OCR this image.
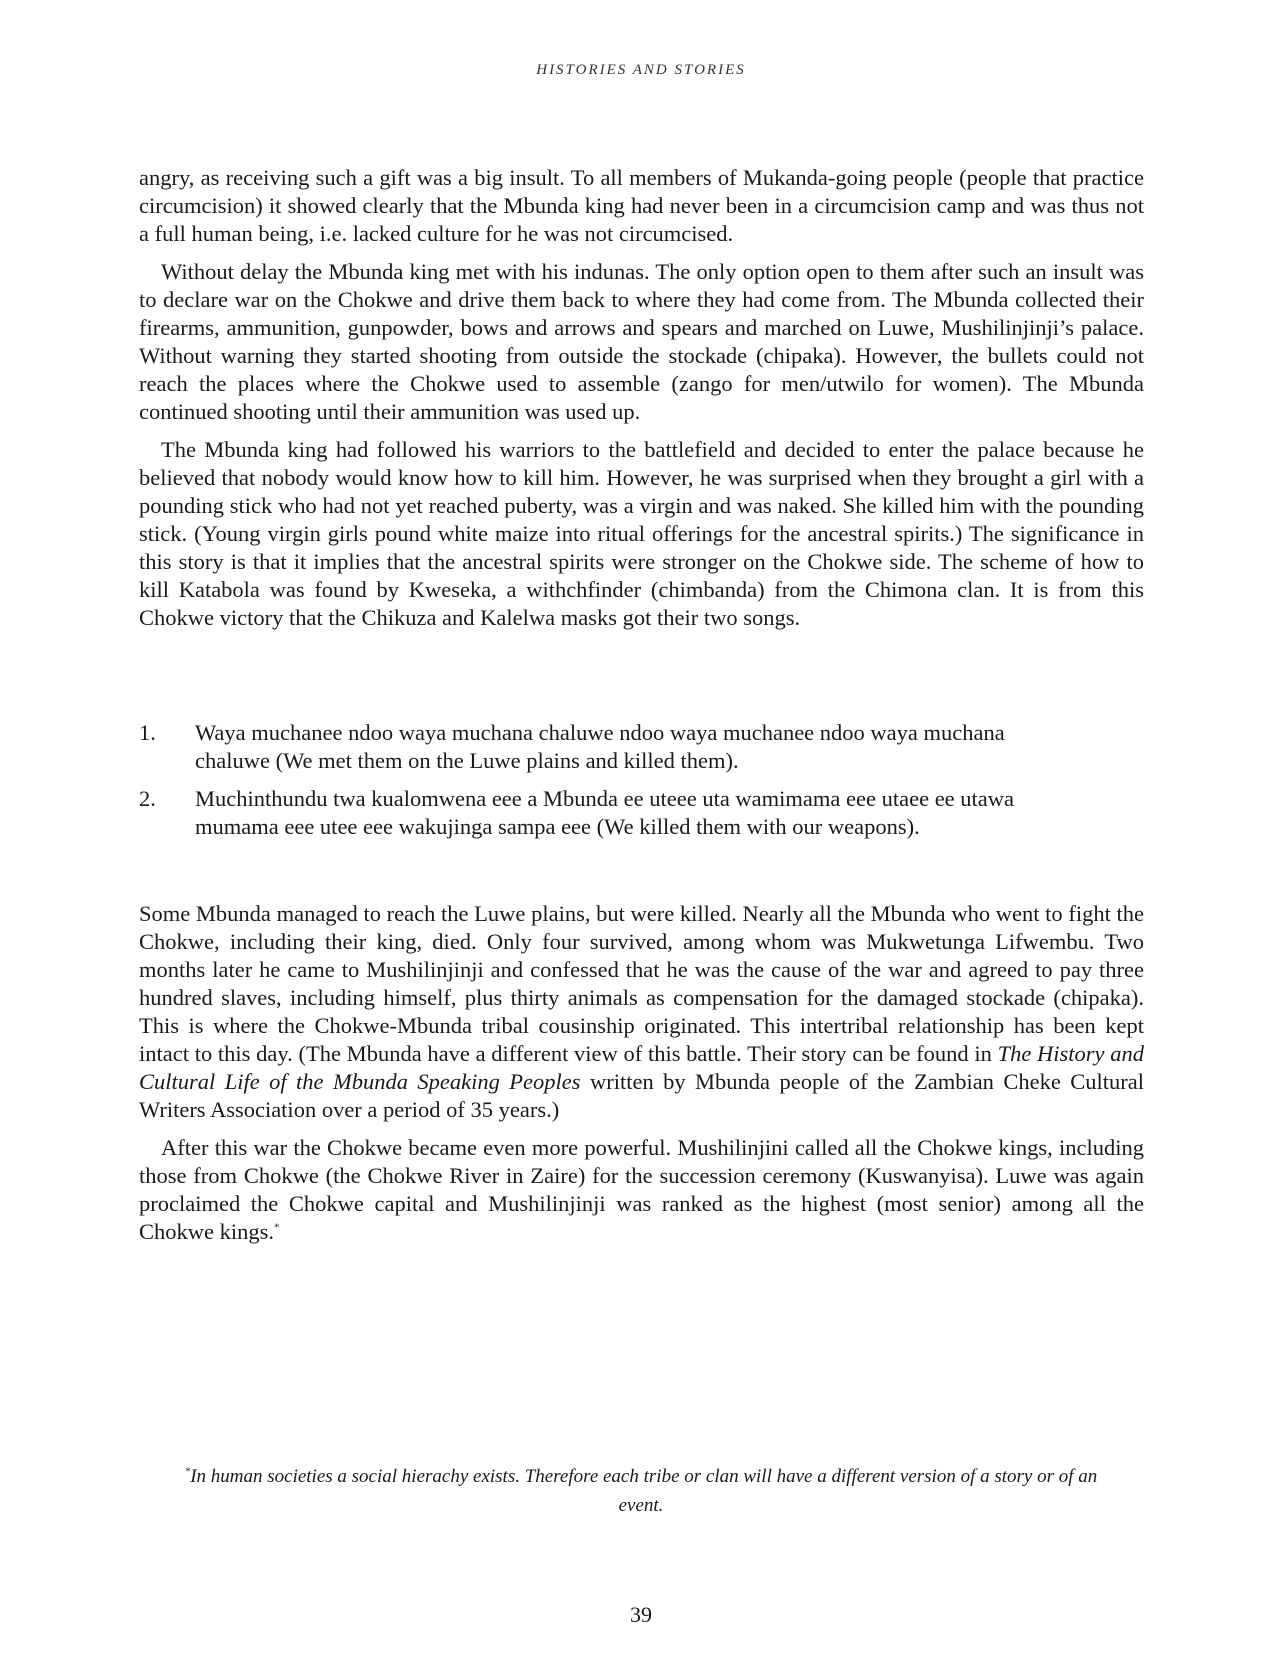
HISTORIES AND STORIES

angry, as receiving such a gift was a big insult. To all members of Mukanda-going people (people that practice circumcision) it showed clearly that the Mbunda king had never been in a circumcision camp and was thus not a full human being, i.e. lacked culture for he was not circumcised.

Without delay the Mbunda king met with his indunas. The only option open to them after such an insult was to declare war on the Chokwe and drive them back to where they had come from. The Mbunda collected their firearms, ammunition, gunpowder, bows and arrows and spears and marched on Luwe, Mushilinjinji’s palace. Without warning they started shooting from outside the stockade (chipaka). However, the bullets could not reach the places where the Chokwe used to assemble (zango for men/utwilo for women). The Mbunda continued shooting until their ammunition was used up.

The Mbunda king had followed his warriors to the battlefield and decided to enter the palace because he believed that nobody would know how to kill him. However, he was surprised when they brought a girl with a pounding stick who had not yet reached puberty, was a virgin and was naked. She killed him with the pounding stick. (Young virgin girls pound white maize into ritual offerings for the ancestral spirits.) The significance in this story is that it implies that the ancestral spirits were stronger on the Chokwe side. The scheme of how to kill Katabola was found by Kweseka, a withchfinder (chimbanda) from the Chimona clan. It is from this Chokwe victory that the Chikuza and Kalelwa masks got their two songs.

1.	Waya muchanee ndoo waya muchana chaluwe ndoo waya muchanee ndoo waya muchana chaluwe (We met them on the Luwe plains and killed them).
2.	Muchinthundu twa kualomwena eee a Mbunda ee uteee uta wamimama eee utaee ee utawa mumama eee utee eee wakujinga sampa eee (We killed them with our weapons).

Some Mbunda managed to reach the Luwe plains, but were killed. Nearly all the Mbunda who went to fight the Chokwe, including their king, died. Only four survived, among whom was Mukwetunga Lifwembu. Two months later he came to Mushilinjinji and confessed that he was the cause of the war and agreed to pay three hundred slaves, including himself, plus thirty animals as compensation for the damaged stockade (chipaka). This is where the Chokwe-Mbunda tribal cousinship originated. This intertribal relationship has been kept intact to this day. (The Mbunda have a different view of this battle. Their story can be found in The History and Cultural Life of the Mbunda Speaking Peoples written by Mbunda people of the Zambian Cheke Cultural Writers Association over a period of 35 years.)

After this war the Chokwe became even more powerful. Mushilinjini called all the Chokwe kings, including those from Chokwe (the Chokwe River in Zaire) for the succession ceremony (Kuswanyisa). Luwe was again proclaimed the Chokwe capital and Mushilinjinji was ranked as the highest (most senior) among all the Chokwe kings.*

*In human societies a social hierachy exists. Therefore each tribe or clan will have a different version of a story or of an event.
39
